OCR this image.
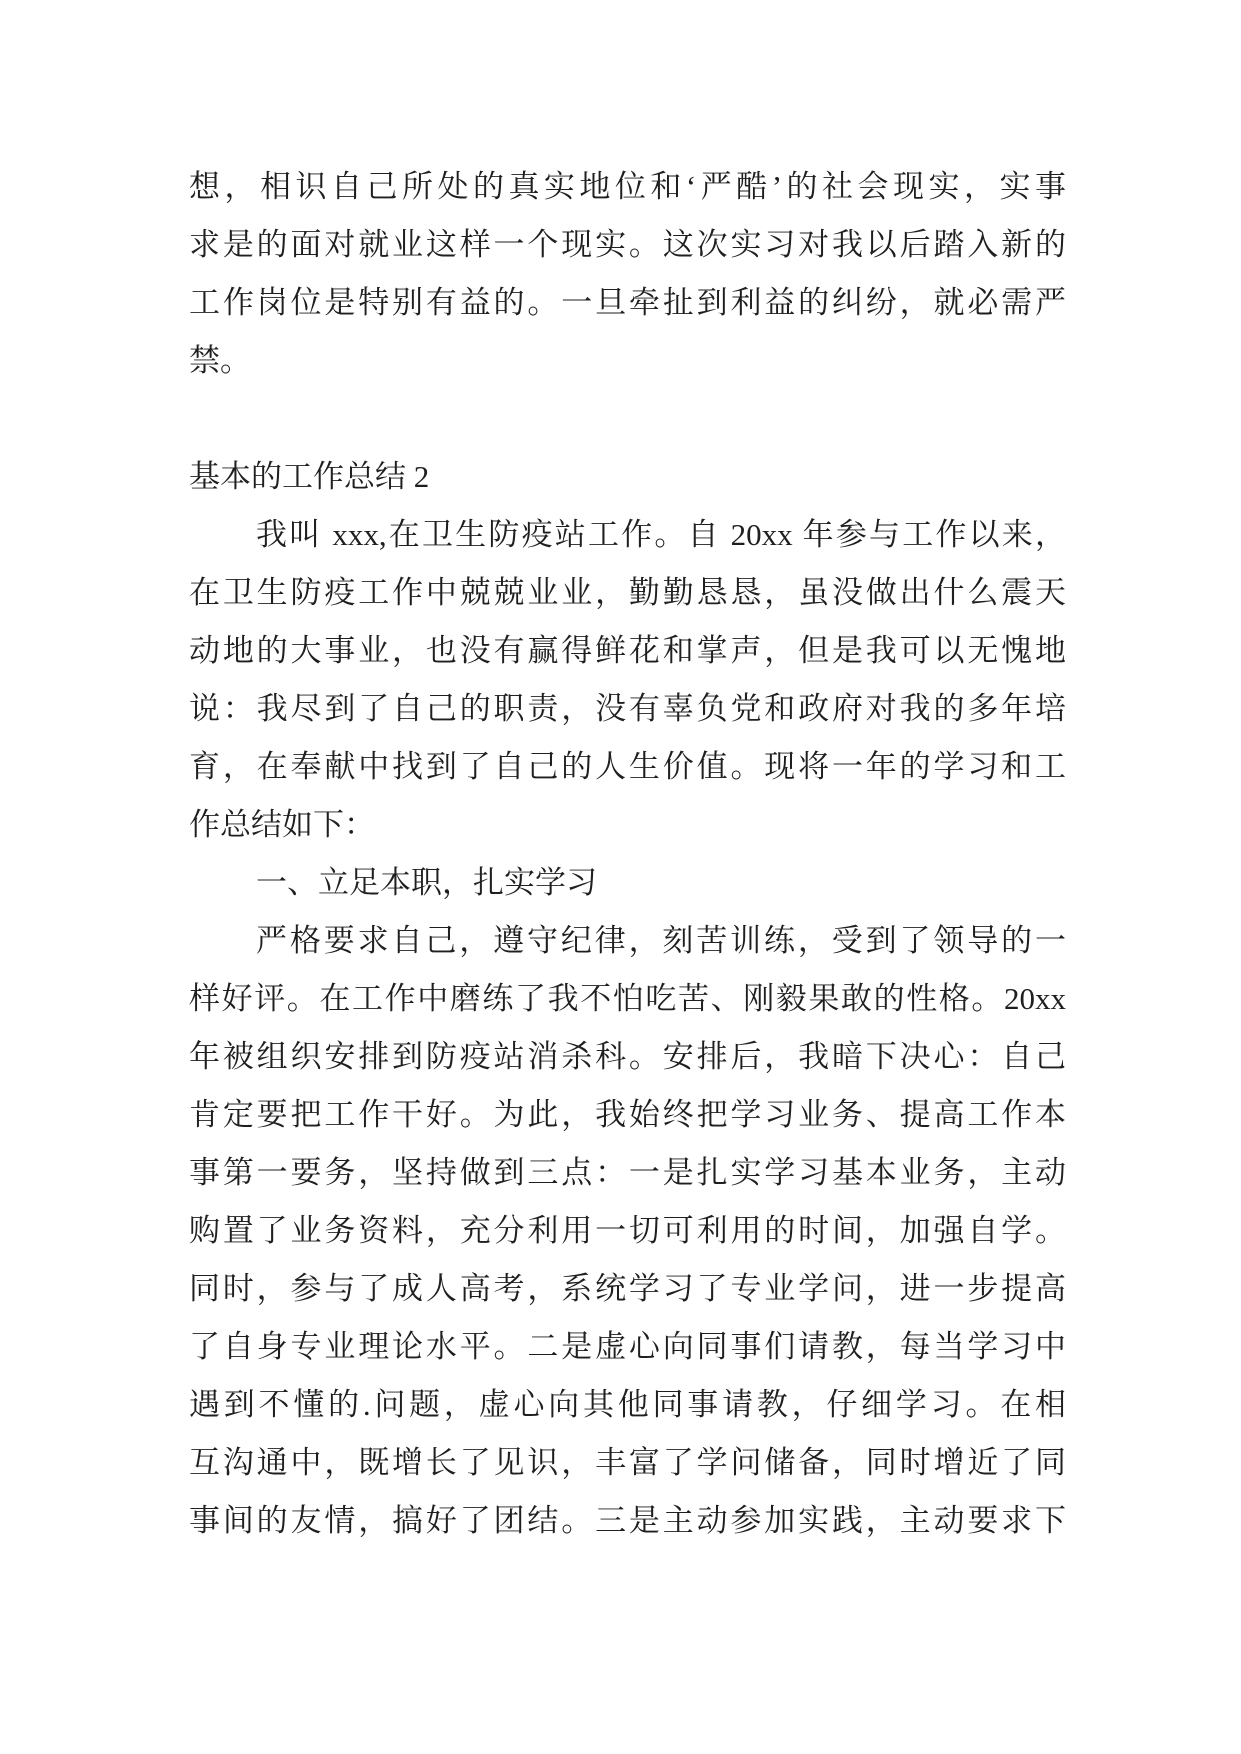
想，相识自己所处的真实地位和‘严酷’的社会现实，实事
求是的面对就业这样一个现实。这次实习对我以后踏入新的
工作岗位是特别有益的。一旦牵扯到利益的纠纷，就必需严
禁。
基本的工作总结 2
我叫 xxx,在卫生防疫站工作。自 20xx 年参与工作以来，
在卫生防疫工作中兢兢业业，勤勤恳恳，虽没做出什么震天
动地的大事业，也没有赢得鲜花和掌声，但是我可以无愧地
说：我尽到了自己的职责，没有辜负党和政府对我的多年培
育，在奉献中找到了自己的人生价值。现将一年的学习和工
作总结如下：
一、立足本职，扎实学习
严格要求自己，遵守纪律，刻苦训练，受到了领导的一
样好评。在工作中磨练了我不怕吃苦、刚毅果敢的性格。20xx
年被组织安排到防疫站消杀科。安排后，我暗下决心：自己
肯定要把工作干好。为此，我始终把学习业务、提高工作本
事第一要务，坚持做到三点：一是扎实学习基本业务，主动
购置了业务资料，充分利用一切可利用的时间，加强自学。
同时，参与了成人高考，系统学习了专业学问，进一步提高
了自身专业理论水平。二是虚心向同事们请教，每当学习中
遇到不懂的.问题，虚心向其他同事请教，仔细学习。在相
互沟通中，既增长了见识，丰富了学问储备，同时增近了同
事间的友情，搞好了团结。三是主动参加实践，主动要求下
